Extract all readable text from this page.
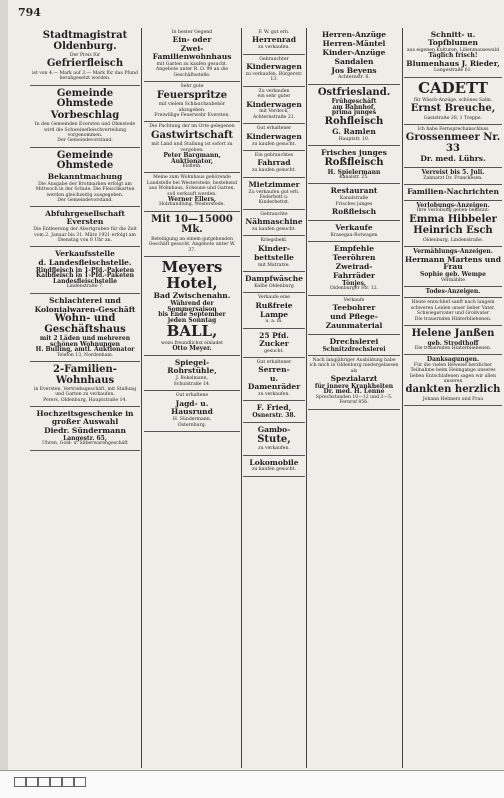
794
Stadtmagistrat Oldenburg.
Der Preis für
Gefrierfleisch
ist von 4.— Mark auf 3.— Mark für das Pfund herabgesetzt worden.
Gemeinde Ohmstede
Vorbeschlag
In den Gemeinden Eversten und Ohmstede wird die Schweinefleischverteilung vorgenommen.
Der Gemeindevorstand.
Gemeinde Ohmstede
Bekanntmachung
Die Ausgabe der Brotmarken erfolgt am Mittwoch in der Schule. Die Fleischkarten werden gleichzeitig ausgegeben.
Der Gemeindevorstand.
Abfuhrgesellschaft Eversten
Die Entleerung der Abortgruben für die Zeit vom 2. Januar bis 31. März 1921 erfolgt am Dienstag von 8 Uhr an.
Verkaufsstelle
d. Landesfleischstelle.
Rindfleisch in 1-Pfd.-Paketen
Kalbfleisch in 1-Pfd.-Paketen
Landesfleischstelle
Lindenstraße 7.
Schlachterei und
Kolonialwaren-Geschäft
Wohn- und Geschäftshaus
mit 2 Läden und mehreren schönen Wohnungen
H. Bulling, amtl. Auktionator
Telefon 13, Nordenham.
2-Familien-Wohnhaus
in Eversten, Vertriebsgeschäft, mit Stallung und Garten zu verkaufen.
Peters, Oldenburg, Hauptstraße 14.
Hochzeitsgeschenke in großer Auswahl
Diedr. Sündermann
Langestr. 65,
Uhren, Gold- u. Silberwarengeschäft
In bester Gegend
Ein- oder
Zwei-Familienwohnhaus
mit Garten zu kaufen gesucht. Angebote unter R. O. 99 an die Geschäftsstelle.
Sehr gute
Feuerspritze
mit vielem Schlauchzubehör abzugeben.
Freiwillige Feuerwehr Eversten.
Die Pachtung der im Orte gelegenen
Gastwirtschaft
mit Land und Stallung ist sofort zu vergeben.
Peter Bargmann, Auktionator,
Elsfleth.
Meine zum Wohnhaus gehörende Landstelle bei Westerstede, bestehend aus Wohnhaus, Scheune und Garten, soll verkauft werden.
Werner Ellers,
Holzhandlung, Westerstede.
Mit 10—15000 Mk.
Beteiligung an einem gutgehenden Geschäft gesucht. Angebote unter W. 37.
Meyers Hotel,
Bad Zwischenahn.
Während der Sommersaison
bis Ende September
jeden Sonntag
BALL,
wozu freundlichst einladet
Otto Meyer.
Spiegel-
Rohrstühle,
J. Bokelmann,
Schulstraße 14.
Gut erhaltene
Jagd- u.
Hausrund
H. Sündermann,
Osternburg.
F. W. gut erh.
Herrenrad
zu verkaufen.
Gebrauchter
Kinderwagen
zu verkaufen. Bürgerstr. 13.
Zu verkaufen
ein sehr guter
Kinderwagen
mit Verdeck, Achternstraße 21.
Gut erhaltener
Kinderwagen
zu kaufen gesucht.
Ein gebrauchtes
Fahrrad
zu kaufen gesucht.
Mietzimmer
Zu verkaufen gut erh. Federbett u. Kinderbettst.
Gebrauchte
Nähmaschine
zu kaufen gesucht.
Kriegsbekl.
Kinder-
bettstelle
mit Matratze.
Dampfwäsche
Kolbe Oldenburg
Verkaufe eine
Rußfreie
Lampe
u. a. m.
25 Pfd. Zucker
gesucht.
Gut erhaltener
Serren-
u. Damenräder
zu verkaufen.
F. Fried,
Osnerstr. 38.
Gambo-
Stute,
zu verkaufen.
Lokomobile
zu kaufen gesucht.
Herren-Anzüge
Herren-Mäntel
Kinder-Anzüge
Sandalen
Jos Beyens
Achternstr. 6.
Ostfriesland.
Frühgeschäft
am Bahnhof,
prima junges
Rohfleisch
G. Ramlen
Hauptstr. 10.
Frisches junges
Roßfleisch
H. Spielermann
Kanalstr. 25.
Restaurant
Kanalstraße
Frisches junges
Roßfleisch
Verkaufe
Krasegau-Rotwagen
Empfehle
Teeröhren
Zweirad-
Fahrräder
Tönjes,
Oldenburger Str. 12.
Verkaufe
Teebohrer
und Pflege-
Zaunmaterial
Drechslerei
Schnitzdrechslerei
Nach langjähriger Ausbildung habe ich mich in Oldenburg niedergelassen als
Spezialarzt
für innere Krankheiten
Dr. med. H. Lenné
Sprechstunden 10—12 und 3—5.
Fernruf 856.
Schnitt- u. Topfblumen
aus eigenen Kulturen, Lilienmausewald
Täglich frisch!
Blumenhaus J. Rieder,
Langestraße 61.
CADETT
für Wäsch-Anzüge, schönes Salm.
Ernst Breuche,
Gaststraße 28, 1 Treppe.
Ich habe Fernsprechanschluss
Grossenmeer Nr. 33
Dr. med. Lührs.
Verreist bis 5. Juli.
Zahnarzt Dr. Franckesen.
Familien-Nachrichten
Verlobungs-Anzeigen.
Ihre Verlobung geben bekannt:
Emma Hibbeler
Heinrich Esch
Oldenburg, Lindenstraße.
Vermählungs-Anzeigen.
Hermann Martens und Frau
Sophie geb. Wempe
Vermählte
Todes-Anzeigen.
Heute entschlief sanft nach langem schweren Leiden unser lieber Vater, Schwiegervater und Großvater
Die trauernden Hinterbliebenen.
Helene Janßen
geb. Strodthoff
Die trauernden Hinterbliebenen.
Danksagungen.
Für die vielen Beweise herzlicher Teilnahme beim Heimgange unseres lieben Entschlafenen sagen wir allen unseren
dankten herzlich
Johann Helmers und Frau
